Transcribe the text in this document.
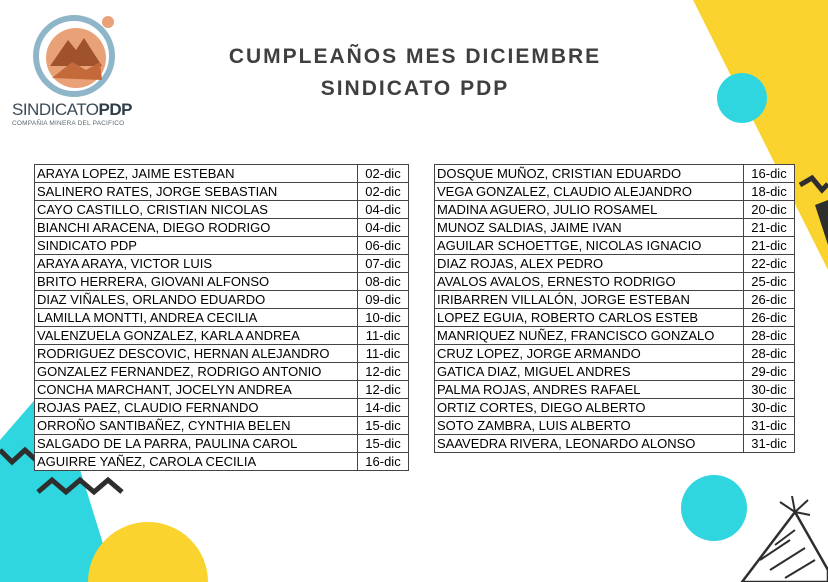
SINDICATOPDP
COMPAÑIA MINERA DEL PACIFICO
CUMPLEAÑOS MES DICIEMBRE
SINDICATO PDP
ARAYA LOPEZ, JAIME ESTEBAN	02-dic
SALINERO RATES, JORGE SEBASTIAN	02-dic
CAYO CASTILLO, CRISTIAN NICOLAS	04-dic
BIANCHI ARACENA, DIEGO RODRIGO	04-dic
SINDICATO PDP	06-dic
ARAYA ARAYA, VICTOR LUIS	07-dic
BRITO HERRERA, GIOVANI ALFONSO	08-dic
DIAZ VIÑALES, ORLANDO EDUARDO	09-dic
LAMILLA MONTTI, ANDREA CECILIA	10-dic
VALENZUELA GONZALEZ, KARLA ANDREA	11-dic
RODRIGUEZ DESCOVIC, HERNAN ALEJANDRO	11-dic
GONZALEZ FERNANDEZ, RODRIGO ANTONIO	12-dic
CONCHA MARCHANT, JOCELYN ANDREA	12-dic
ROJAS PAEZ, CLAUDIO FERNANDO	14-dic
ORROÑO SANTIBAÑEZ, CYNTHIA BELEN	15-dic
SALGADO DE LA PARRA, PAULINA CAROL	15-dic
AGUIRRE YAÑEZ, CAROLA CECILIA	16-dic
DOSQUE MUÑOZ, CRISTIAN EDUARDO	16-dic
VEGA GONZALEZ, CLAUDIO ALEJANDRO	18-dic
MADINA AGUERO, JULIO ROSAMEL	20-dic
MUNOZ SALDIAS, JAIME IVAN	21-dic
AGUILAR SCHOETTGE, NICOLAS IGNACIO	21-dic
DIAZ ROJAS, ALEX PEDRO	22-dic
AVALOS AVALOS, ERNESTO RODRIGO	25-dic
IRIBARREN VILLALÓN, JORGE ESTEBAN	26-dic
LOPEZ EGUIA, ROBERTO CARLOS ESTEB	26-dic
MANRIQUEZ NUÑEZ, FRANCISCO GONZALO	28-dic
CRUZ LOPEZ, JORGE ARMANDO	28-dic
GATICA DIAZ, MIGUEL ANDRES	29-dic
PALMA ROJAS, ANDRES RAFAEL	30-dic
ORTIZ CORTES, DIEGO ALBERTO	30-dic
SOTO ZAMBRA, LUIS ALBERTO	31-dic
SAAVEDRA RIVERA, LEONARDO ALONSO	31-dic
